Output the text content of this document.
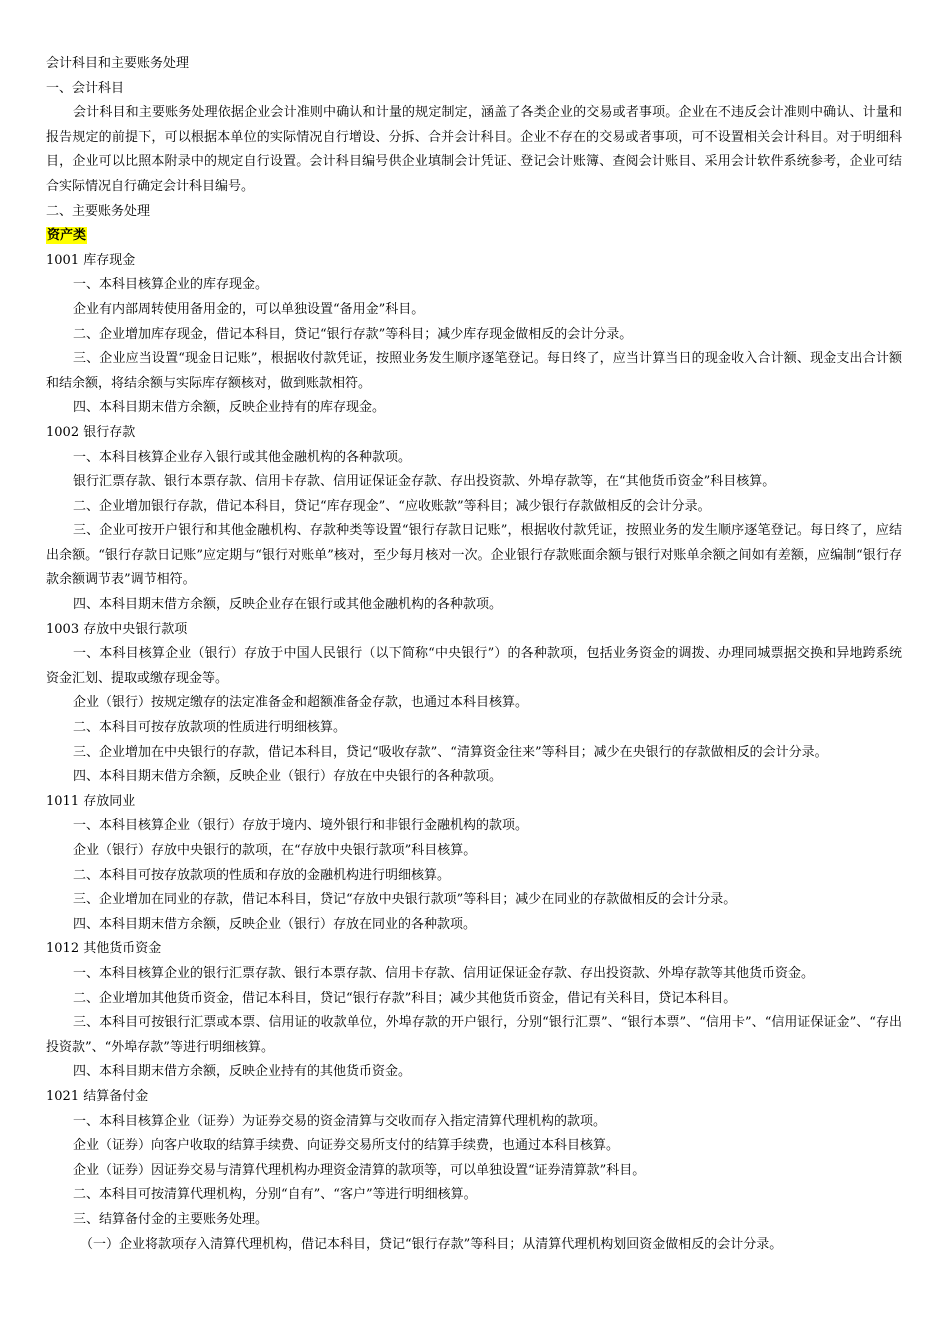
会计科目和主要账务处理

一、会计科目

会计科目和主要账务处理依据企业会计准则中确认和计量的规定制定，涵盖了各类企业的交易或者事项。企业在不违反会计准则中确认、计量和报告规定的前提下，可以根据本单位的实际情况自行增设、分拆、合并会计科目。企业不存在的交易或者事项，可不设置相关会计科目。对于明细科目，企业可以比照本附录中的规定自行设置。会计科目编号供企业填制会计凭证、登记会计账簿、查阅会计账目、采用会计软件系统参考，企业可结合实际情况自行确定会计科目编号。

二、主要账务处理

资产类

1001 库存现金

一、本科目核算企业的库存现金。

企业有内部周转使用备用金的，可以单独设置“备用金”科目。

二、企业增加库存现金，借记本科目，贷记“银行存款”等科目；减少库存现金做相反的会计分录。

三、企业应当设置“现金日记账”，根据收付款凭证，按照业务发生顺序逐笔登记。每日终了，应当计算当日的现金收入合计额、现金支出合计额和结余额，将结余额与实际库存额核对，做到账款相符。

四、本科目期末借方余额，反映企业持有的库存现金。

1002 银行存款

一、本科目核算企业存入银行或其他金融机构的各种款项。

银行汇票存款、银行本票存款、信用卡存款、信用证保证金存款、存出投资款、外埠存款等，在“其他货币资金”科目核算。

二、企业增加银行存款，借记本科目，贷记“库存现金”、“应收账款”等科目；减少银行存款做相反的会计分录。

三、企业可按开户银行和其他金融机构、存款种类等设置“银行存款日记账”，根据收付款凭证，按照业务的发生顺序逐笔登记。每日终了，应结出余额。“银行存款日记账”应定期与“银行对账单”核对，至少每月核对一次。企业银行存款账面余额与银行对账单余额之间如有差额，应编制“银行存款余额调节表”调节相符。

四、本科目期末借方余额，反映企业存在银行或其他金融机构的各种款项。

1003 存放中央银行款项

一、本科目核算企业（银行）存放于中国人民银行（以下简称“中央银行”）的各种款项，包括业务资金的调拨、办理同城票据交换和异地跨系统资金汇划、提取或缴存现金等。

企业（银行）按规定缴存的法定准备金和超额准备金存款，也通过本科目核算。

二、本科目可按存放款项的性质进行明细核算。

三、企业增加在中央银行的存款，借记本科目，贷记“吸收存款”、“清算资金往来”等科目；减少在央银行的存款做相反的会计分录。

四、本科目期末借方余额，反映企业（银行）存放在中央银行的各种款项。

1011 存放同业

一、本科目核算企业（银行）存放于境内、境外银行和非银行金融机构的款项。

企业（银行）存放中央银行的款项，在“存放中央银行款项”科目核算。

二、本科目可按存放款项的性质和存放的金融机构进行明细核算。

三、企业增加在同业的存款，借记本科目，贷记“存放中央银行款项”等科目；减少在同业的存款做相反的会计分录。

四、本科目期末借方余额，反映企业（银行）存放在同业的各种款项。

1012 其他货币资金

一、本科目核算企业的银行汇票存款、银行本票存款、信用卡存款、信用证保证金存款、存出投资款、外埠存款等其他货币资金。

二、企业增加其他货币资金，借记本科目，贷记“银行存款”科目；减少其他货币资金，借记有关科目，贷记本科目。

三、本科目可按银行汇票或本票、信用证的收款单位，外埠存款的开户银行，分别“银行汇票”、“银行本票”、“信用卡”、“信用证保证金”、“存出投资款”、“外埠存款”等进行明细核算。

四、本科目期末借方余额，反映企业持有的其他货币资金。

1021 结算备付金

一、本科目核算企业（证券）为证券交易的资金清算与交收而存入指定清算代理机构的款项。

企业（证券）向客户收取的结算手续费、向证券交易所支付的结算手续费，也通过本科目核算。

企业（证券）因证券交易与清算代理机构办理资金清算的款项等，可以单独设置“证券清算款”科目。

二、本科目可按清算代理机构，分别“自有”、“客户”等进行明细核算。

三、结算备付金的主要账务处理。

（一）企业将款项存入清算代理机构，借记本科目，贷记“银行存款”等科目；从清算代理机构划回资金做相反的会计分录。
